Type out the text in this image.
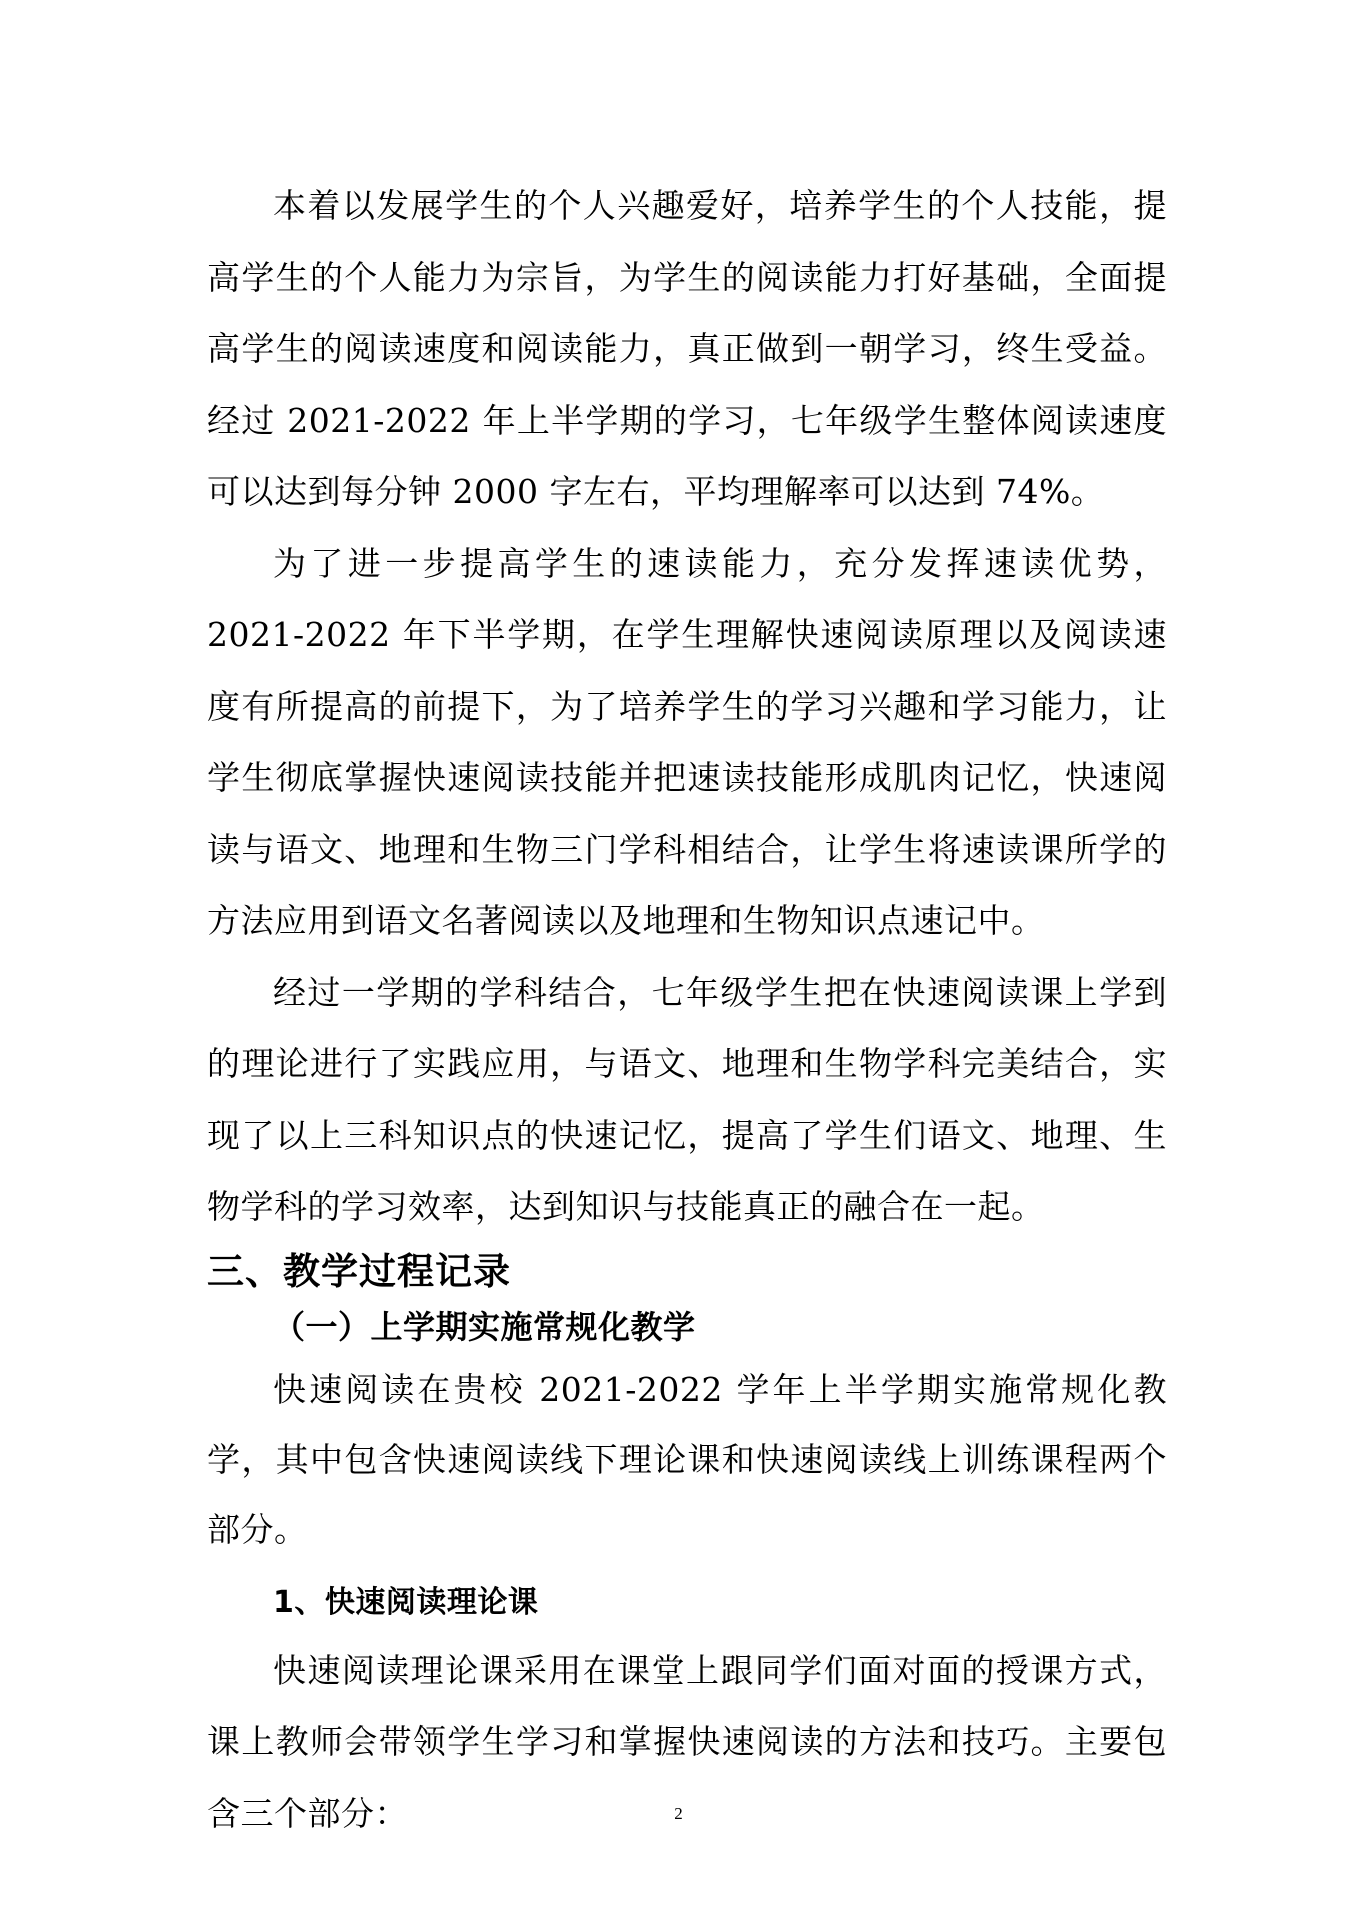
本着以发展学生的个人兴趣爱好，培养学生的个人技能，提高学生的个人能力为宗旨，为学生的阅读能力打好基础，全面提高学生的阅读速度和阅读能力，真正做到一朝学习，终生受益。经过 2021-2022 年上半学期的学习，七年级学生整体阅读速度可以达到每分钟 2000 字左右，平均理解率可以达到 74%。

为了进一步提高学生的速读能力，充分发挥速读优势，2021-2022 年下半学期，在学生理解快速阅读原理以及阅读速度有所提高的前提下，为了培养学生的学习兴趣和学习能力，让学生彻底掌握快速阅读技能并把速读技能形成肌肉记忆，快速阅读与语文、地理和生物三门学科相结合，让学生将速读课所学的方法应用到语文名著阅读以及地理和生物知识点速记中。

经过一学期的学科结合，七年级学生把在快速阅读课上学到的理论进行了实践应用，与语文、地理和生物学科完美结合，实现了以上三科知识点的快速记忆，提高了学生们语文、地理、生物学科的学习效率，达到知识与技能真正的融合在一起。

三、教学过程记录
（一）上学期实施常规化教学

快速阅读在贵校 2021-2022 学年上半学期实施常规化教学，其中包含快速阅读线下理论课和快速阅读线上训练课程两个部分。

1、快速阅读理论课

快速阅读理论课采用在课堂上跟同学们面对面的授课方式，课上教师会带领学生学习和掌握快速阅读的方法和技巧。主要包含三个部分：	2
